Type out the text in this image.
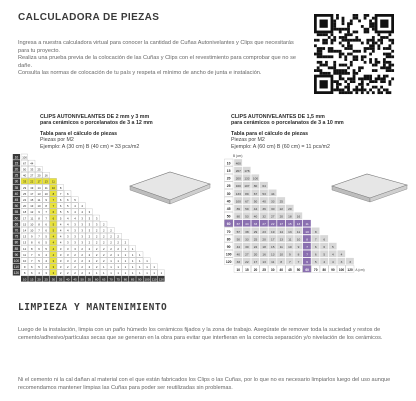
CALCULADORA DE PIEZAS

Ingresa a nuestra calculadora virtual para conocer la cantidad de Cuñas Autonivelantes y Clips que necesitarás para tu proyecto.

Realiza una prueba previa de la colocación de las Cuñas y Clips con el revestimiento para comprobar que no se dañe.

Consulta las normas de colocación de tu país y respeta el mínimo de ancho de junta e instalación.

CLIPS AUTONIVELANTES DE 2 mm y 3 mm
para cerámicos o porcelanatos de 3 a 12 mm
Tabla para el cálculo de piezas
Piezas por M2
Ejemplo: A (30 cm) B (40 cm) = 33 pcs/m2
CLIPS AUTONIVELANTES DE 1,5 mm
para cerámicos o porcelanatos de 3 a 10 mm
Tabla para el cálculo de piezas
Piezas por M2
Ejemplo: A (60 cm) B (60 cm) = 11 pcs/m2
10 100
15 67 44
20 50 33 25
25 40 27 20 16
30 33 22 17 13 11
35 29 19 14 11 10 8
40 25 17 13 10 8 7 6
45 22 15 11 9 7 6 6 5
50 20 13 10 8 7 6 5 4 4
55 18 12 9 7 6 5 5 4 4 3
60 17 11 8 7 6 5 4 4 3 3 3
65 15 10 8 6 5 4 4 3 3 3 3 2
70 14 10 7 6 5 4 4 3 3 3 2 2 2
75 13 9 7 5 4 4 3 3 3 2 2 2 2 2
80 13 8 6 5 4 4 3 3 3 2 2 2 2 2 2
85 12 8 6 5 4 3 3 3 2 2 2 2 2 2 1 1
90 11 7 6 4 4 3 3 2 2 2 2 2 2 1 1 1 1
100 10 7 5 4 3 3 3 2 2 2 2 2 1 1 1 1 1 1
110 9 6 5 4 3 3 2 2 2 2 2 1 1 1 1 1 1 1 1
120 8 6 4 3 3 2 2 2 2 2 1 1 1 1 1 1 1 1 1 1
10 15 20 25 30 35 40 45 50 55 60 65 70 75 80 85 90 100 110 120
B (cm)
10 400
15 267 178
20 200 133 100
25 160 107 80 64
30 133 89 67 53 44
40 100 67 50 40 33 25
45 89 59 44 36 30 22 20
50 80 53 40 32 27 20 18 16
60 67 44 33 27 22 17 15 13 11
70 57 38 29 23 19 14 13 11 10 8
80 50 33 25 20 17 13 11 10 8 7 6
90 44 30 22 18 15 11 10 9 7 6 6 5
100 40 27 20 16 13 10 9 8 7 6 5 4 4
120 33 22 17 13 11 8 7 7 6 5 4 4 3 3
10 15 20 25 30 40 45 50 60 70 80 90 100 120 A (cm)
LIMPIEZA Y MANTENIMIENTO
Luego de la instalación, limpia con un paño húmedo los cerámicos fijados y la zona de trabajo. Asegúrate de remover toda la suciedad y restos de cemento/adhesivo/partículas secas que se generan en la obra para evitar que interfieran en la correcta separación y/o nivelación de los cerámicos.
Ni el cemento ni la cal dañan al material con el que están fabricados los Clips o las Cuñas, por lo que no es necesario limpiarlos luego del uso aunque recomendamos mantener limpias las Cuñas para poder ser reutilizadas sin problemas.
